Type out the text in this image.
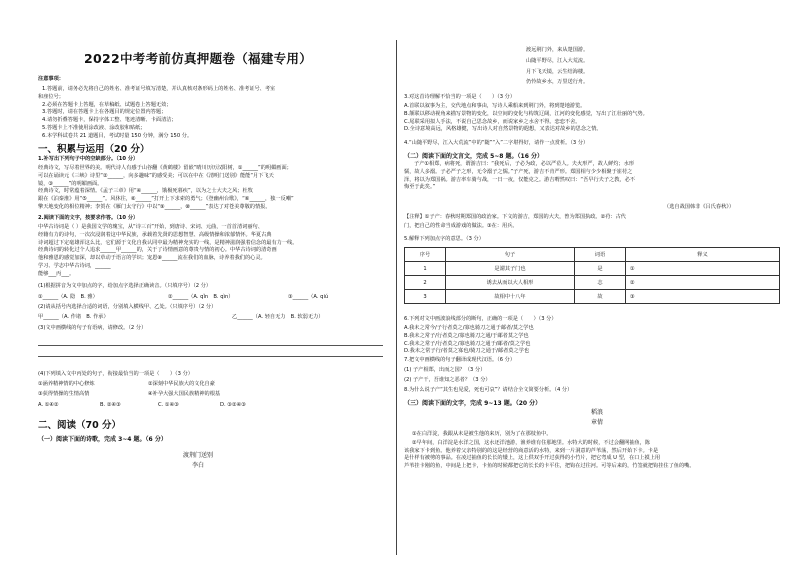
2022中考考前仿真押题卷（福建专用）
注意事项：
1.答题前，请务必先将自己的姓名、准考证号填写清楚，并认真核对条形码上的姓名、准考证号、考室
和座位号；
2.必须在答题卡上答题，在草稿纸、试题卷上答题无效；
3.答题时，请在答题卡上在各题目的规定位置内答题；
4.请勿折叠答题卡，保持字体工整、笔迹清晰、卡面清洁；
5.答题卡上不准使用涂改液、涂改胶和贴纸；
6.本学科试卷共 21 道题目，考试时量 150 分钟，满分 150 分。
一、积累与运用（20 分）
1.补写出下列句子中的空缺部分。（10 分）
经典诗文，写尽着世界的美。明代诗人有感于山谷翻《黄鹤楼》留嵌“晴川历历汉阳树，①______”的明媚画面；
可以在诵读元《三峡》诗里“②______，向多趣味”的感受美；可以在中在《清明门送别》能能“月下飞天
镜，③______”的明媚画面。
经典诗文，时常蕴着深情。《孟子三章》用“④______，饿极死暮疾”，以为之士大夫之风；杜牧
跟在《泊秦淮》用“⑤______”。风休往，⑥______”打开上下求索的勇气；《登幽州台歌》，“⑥______，独一反嘲”
擎天地变化的相位精神；李贺在《雁门太守行》中以“⑨______，⑩______”表达了对苍美尊敬的情报。
2.阅读下面的文字，按要求作答。（10 分）
中华古诗词是（ ）是我国文学的瑰宝，从“诗三百”开始，到唐诗、宋词、元曲，一首首清词丽句、
经籍有力的诗句，一次次浸润着这中华民族，承载着先贤的思想智慧、高级情操和浓郁情怀。华夏古典
诗词超过下定毫雄浑这么比，它们源于文化自我认同中最为精神充实的一线，是精神滋润强着信念的最有力一线。
经典诗词的转化过个人追求______甲______的，关于了诗情画意的尊贵与情的初心。中华古诗词的清奇画
他和雅恩的感觉加深，却以草动于语言的学识；宠恩⑧______流在我们的血脉，诗养着我们的心灵。
学习、学志中华古诗词，______
能够___丙___。
(1)根据拼音为文中加点的字，给加点字选择正确读音。（只填序号）（2 分）
①______（A. 隐　B. 雅）	②______（A. qǐn　B. qìn）	③______（A. qiú
(2)请从括号内选择合适的词语，分别填入横线甲、乙处。（只填序号）（2 分）
甲______（A. 作诸　B. 作承）	乙______（A. 轻自无力　B. 软弱无力）
(3)文中画横线的句子有语病，请修改。（2 分）
(4)下列填入文中丙处的句子，衔接最恰当的一项是（　　）（3 分）
①涵养精神情的中心修炼	②深刻中华民族大的文化自豪
③获得情操的生情高情	④补孕大强大国民族精神的根基
A. ①④②	B. ②④③	C. ①④③	D. ③②④③
二、阅读（70 分）
（一）阅读下面的诗歌，完成 3~4 题。（6 分）
渡荆门送别
李白
渡远荆门外，来从楚国游。
山随平野尽，江入大荒流。
月下飞天镜，云生结海楼。
仍怜故乡水，万里送行舟。
3.对这首诗理解不恰当的一项是（　　）（3 分）
A.首联以叙事为主，交代地点和事由，写诗人乘船来到荆门外，将到楚地游览。
B.颔联以移动视角来描写景物的变化，以空间的变化与构筑辽阔，江河的变化感觉，写出了江壮丽的气势。
C.尾联采用拟人手法，不说自己思念故乡，而说家乡之水舍不得。恋恋不舍。
D.全诗意境高远，风格雄健，写出诗人对自然景物的遐想，又表达对故乡的思念之情。
4.“山随平野尽，江入大荒流”中的“随”“入”二字堪得好，请作一点赏析。（3 分）
（二）阅读下面的文言文，完成 5~8 题。（16 分）
子产①相郑，病将死，谓游吉曰：“我死后，子必为政，必以严莅人。夫火形严，故人鲜灼；水形
懦，故人多溺。子必严子之形，无令溺子之懦。”子产死，游吉不肯严形。郑国相与少少相聚于崔苻之
泽，将以为郑国祸。游吉率车骑与战，一日一夜，仅能克之。游吉喟然叹曰：“吾早行夫子之教，必不
悔至于此矣。”
（选自战国韩非《吕氏春秋》）
【注释】①子产：春秋时期郑国的政治家。下文的游吉，郑国的大夫，曾为郑国执政。②苻：古代
门，把自己的性命当成游戏的做法。③在：用兵。
5.解释下列加点字的意思。（3 分）
序号	句子	词语	释义
1	是謂其子门也	是	①
2	诱去从而以大人相形	志	②
3	故相中十八年	故	③
6.下列对文中画波浪线部分的断句，正确的一项是（　　）（3 分）
A.我未之常今/子行者莫之/寡也骑刀之通于邮者/莫之学也
B.我未之常子/行者莫之/寡也骑刀之通/于邮者莫之学也
C.我未之常子/行者莫之/寡也骑刀之通于/邮者/莫之学也
D.我未之常子行/者莫之寡也/骑刀之通于/邮者莫之学也
7.把文中画横线的句子翻译成现代汉语。（6 分）
(1) 子产相郑，出而之国？（3 分）
(2) 子产干，吾谁知之恶者？（3 分）
8.为什么说子产“其生也见爱，死也可哀”？请结合全文简要分析。（4 分）
（三）阅读下面的文字，完成 9~13 题。（20 分）
稻浪
章倩
①在白洋淀，我跟从未是被生他的来历，别为了在那枝鱼中。
②早年间，白洋淀是水洋之国，这水还洋池游，渔养谁有住那地里。水特大的时候，不过会翻网抽鱼，陈
该我家下卡到鱼。他养着父亲特别的的这是经营的商意活的水特，来到一片洞意的芦苇荡，然后开始下卡。卡是
是什样有被剪的事品。在凌过抽鱼的长长的矮上，这上供双手开过获得的小竹片，把它弯成 U 型，在口上摸上用
芦苇挂卡刚的鱼，中间是上把卡，卡鱼的时候都把它的长长的卡平住，把钩在过往河。可等后来的，竹签就把钩挂住了鱼的嘴。
